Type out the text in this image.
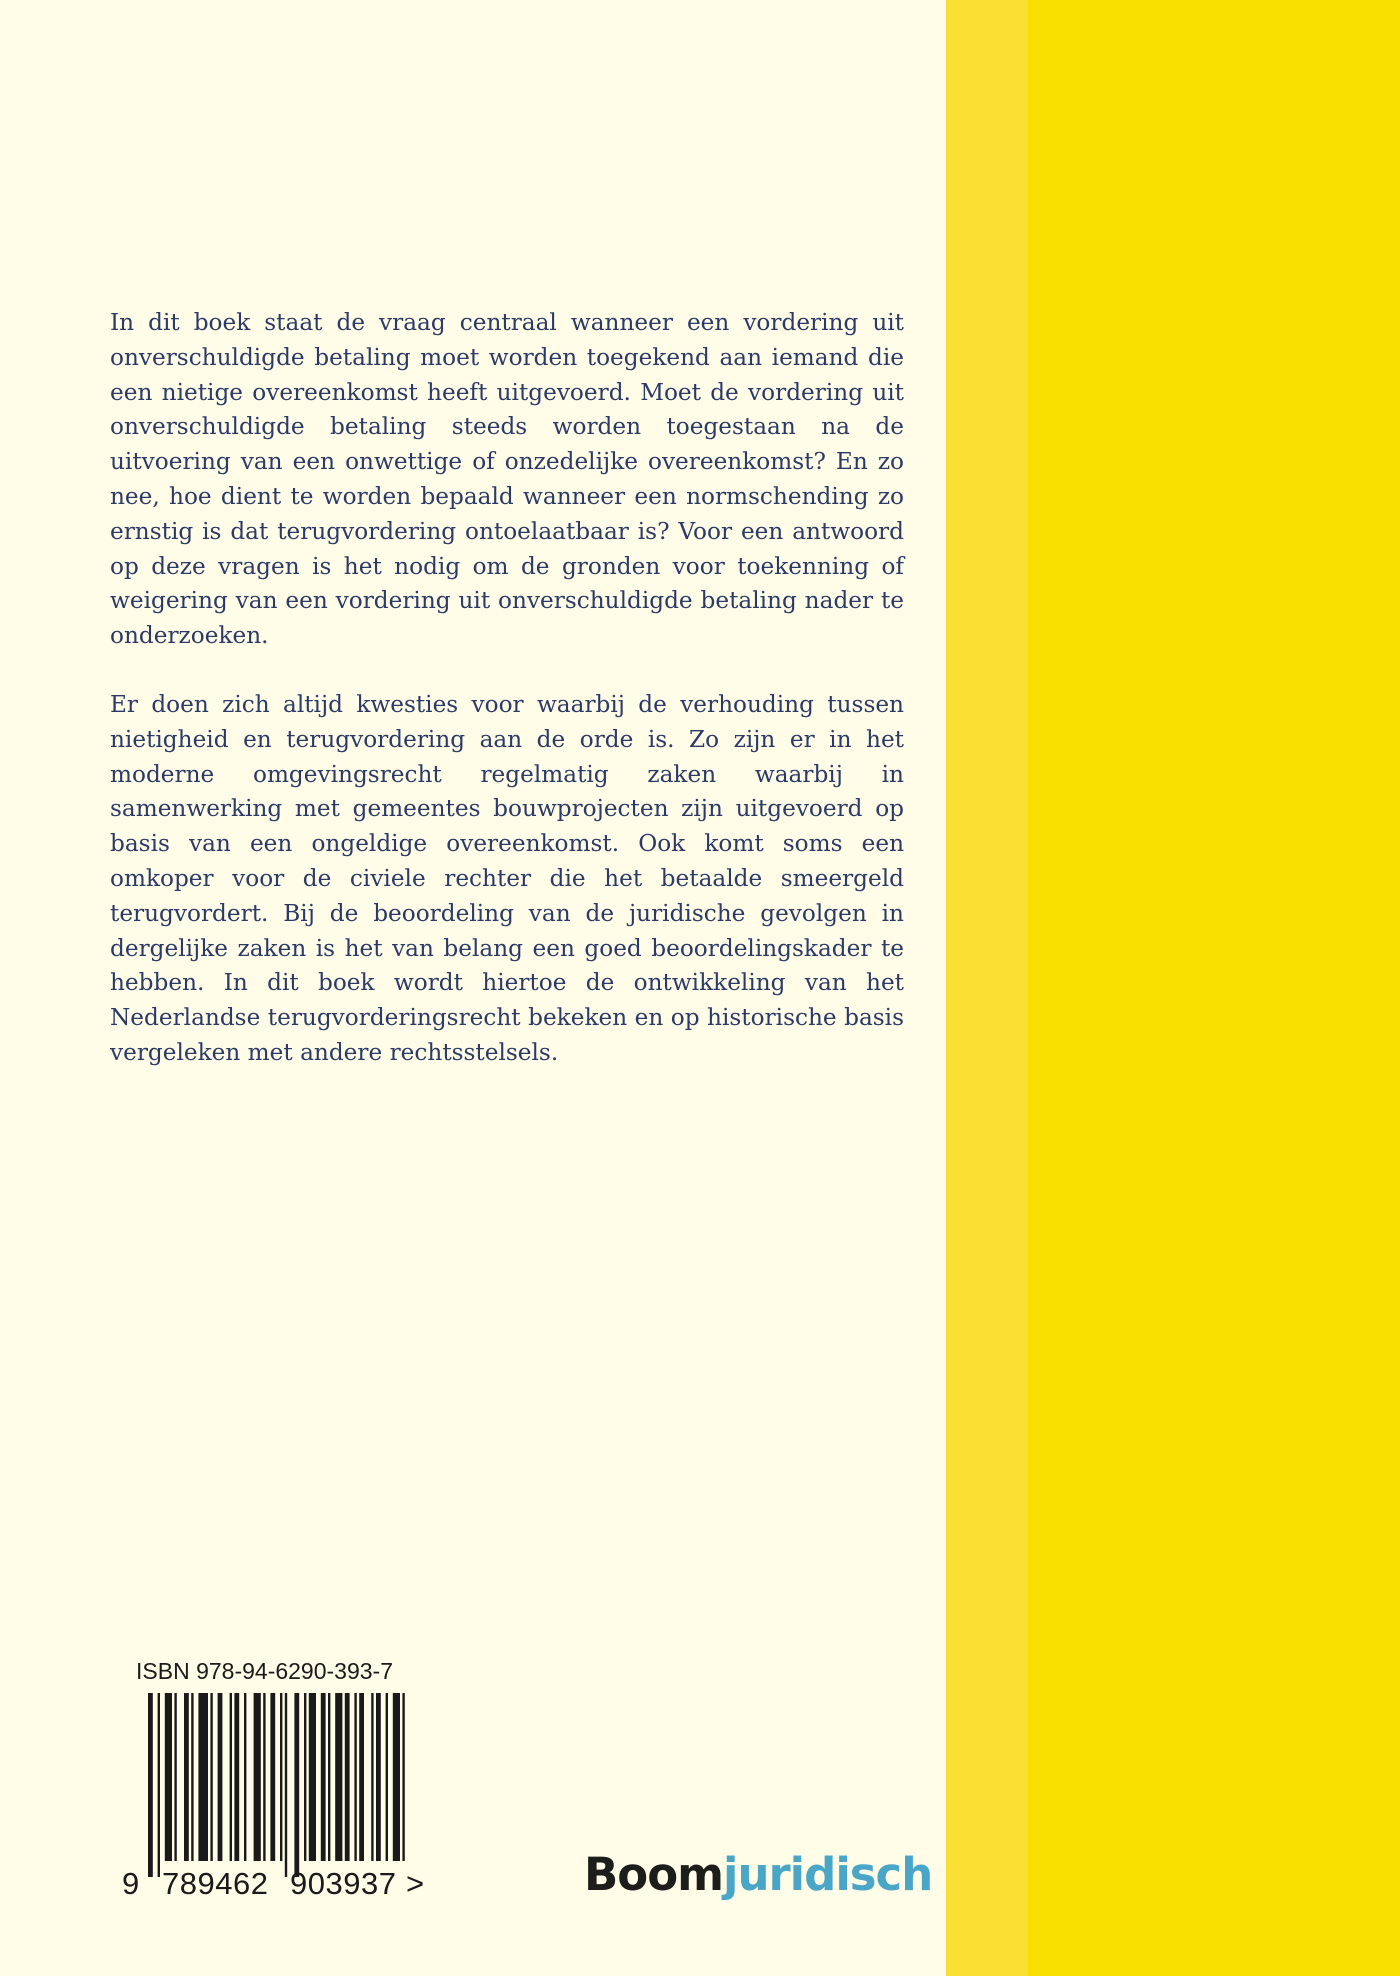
In dit boek staat de vraag centraal wanneer een vordering uit onverschuldigde betaling moet worden toegekend aan iemand die een nietige overeenkomst heeft uitgevoerd. Moet de vordering uit onverschuldigde betaling steeds worden toegestaan na de uitvoering van een onwettige of onzedelijke overeenkomst? En zo nee, hoe dient te worden bepaald wanneer een normschending zo ernstig is dat terugvordering ontoelaatbaar is? Voor een antwoord op deze vragen is het nodig om de gronden voor toekenning of weigering van een vordering uit onverschuldigde betaling nader te onderzoeken.

Er doen zich altijd kwesties voor waarbij de verhouding tussen nietigheid en terugvordering aan de orde is. Zo zijn er in het moderne omgevingsrecht regelmatig zaken waarbij in samenwerking met gemeentes bouwprojecten zijn uitgevoerd op basis van een ongeldige overeenkomst. Ook komt soms een omkoper voor de civiele rechter die het betaalde smeergeld terugvordert. Bij de beoordeling van de juridische gevolgen in dergelijke zaken is het van belang een goed beoordelingskader te hebben. In dit boek wordt hiertoe de ontwikkeling van het Nederlandse terugvorderingsrecht bekeken en op historische basis vergeleken met andere rechtsstelsels.

ISBN 978-94-6290-393-7
9 789462 903937 >	Boomjuridisch
